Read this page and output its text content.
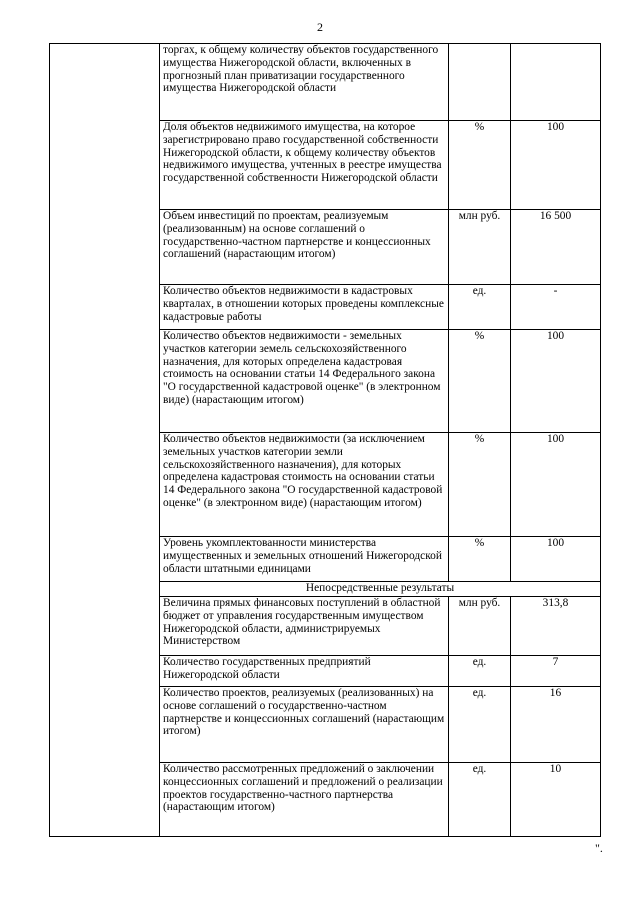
2
	торгах, к общему количеству объектов государственного имущества Нижегородской области, включенных в прогнозный план приватизации государственного имущества Нижегородской области		
	Доля объектов недвижимого имущества, на которое зарегистрировано право государственной собственности Нижегородской области, к общему количеству объектов недвижимого имущества, учтенных в реестре имущества государственной собственности Нижегородской области	%	100
	Объем инвестиций по проектам, реализуемым (реализованным) на основе соглашений о государственно-частном партнерстве и концессионных соглашений (нарастающим итогом)	млн руб.	16 500
	Количество объектов недвижимости в кадастровых кварталах, в отношении которых проведены комплексные кадастровые работы	ед.	-
	Количество объектов недвижимости - земельных участков категории земель сельскохозяйственного назначения, для которых определена кадастровая стоимость на основании статьи 14 Федерального закона "О государственной кадастровой оценке" (в электронном виде) (нарастающим итогом)	%	100
	Количество объектов недвижимости (за исключением земельных участков категории земли сельскохозяйственного назначения), для которых определена кадастровая стоимость на основании статьи 14 Федерального закона "О государственной кадастровой оценке" (в электронном виде) (нарастающим итогом)	%	100
	Уровень укомплектованности министерства имущественных и земельных отношений Нижегородской области штатными единицами	%	100
	Непосредственные результаты		
	Величина прямых финансовых поступлений в областной бюджет от управления государственным имуществом Нижегородской области, администрируемых Министерством	млн руб.	313,8
	Количество государственных предприятий Нижегородской области	ед.	7
	Количество проектов, реализуемых (реализованных) на основе соглашений о государственно-частном партнерстве и концессионных соглашений (нарастающим итогом)	ед.	16
	Количество рассмотренных предложений о заключении концессионных соглашений и предложений о реализации проектов государственно-частного партнерства (нарастающим итогом)	ед.	10
".
